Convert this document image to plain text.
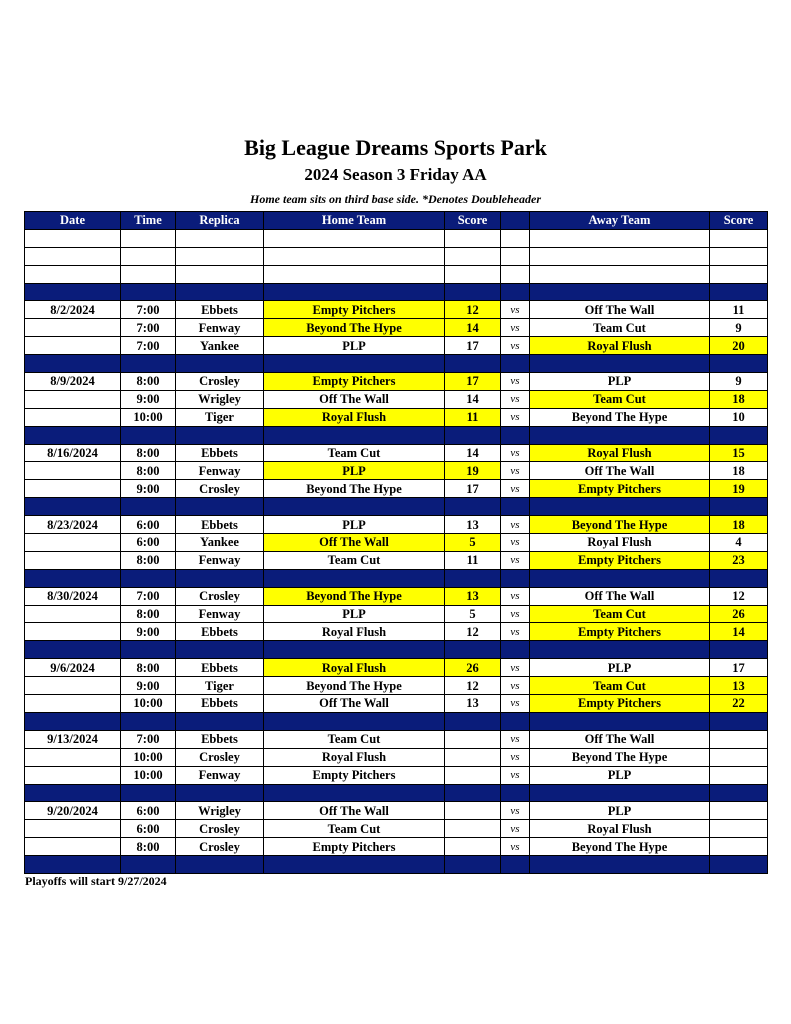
Big League Dreams Sports Park
2024 Season 3 Friday AA
Home team sits on third base side. *Denotes Doubleheader
Date	Time	Replica	Home Team	Score		Away Team	Score

8/2/2024	7:00	Ebbets	Empty Pitchers	12	vs	Off The Wall	11
	7:00	Fenway	Beyond The Hype	14	vs	Team Cut	9
	7:00	Yankee	PLP	17	vs	Royal Flush	20

8/9/2024	8:00	Crosley	Empty Pitchers	17	vs	PLP	9
	9:00	Wrigley	Off The Wall	14	vs	Team Cut	18
	10:00	Tiger	Royal Flush	11	vs	Beyond The Hype	10

8/16/2024	8:00	Ebbets	Team Cut	14	vs	Royal Flush	15
	8:00	Fenway	PLP	19	vs	Off The Wall	18
	9:00	Crosley	Beyond The Hype	17	vs	Empty Pitchers	19

8/23/2024	6:00	Ebbets	PLP	13	vs	Beyond The Hype	18
	6:00	Yankee	Off The Wall	5	vs	Royal Flush	4
	8:00	Fenway	Team Cut	11	vs	Empty Pitchers	23

8/30/2024	7:00	Crosley	Beyond The Hype	13	vs	Off The Wall	12
	8:00	Fenway	PLP	5	vs	Team Cut	26
	9:00	Ebbets	Royal Flush	12	vs	Empty Pitchers	14

9/6/2024	8:00	Ebbets	Royal Flush	26	vs	PLP	17
	9:00	Tiger	Beyond The Hype	12	vs	Team Cut	13
	10:00	Ebbets	Off The Wall	13	vs	Empty Pitchers	22

9/13/2024	7:00	Ebbets	Team Cut		vs	Off The Wall	
	10:00	Crosley	Royal Flush		vs	Beyond The Hype	
	10:00	Fenway	Empty Pitchers		vs	PLP	

9/20/2024	6:00	Wrigley	Off The Wall		vs	PLP	
	6:00	Crosley	Team Cut		vs	Royal Flush	
	8:00	Crosley	Empty Pitchers		vs	Beyond The Hype	

Playoffs will start 9/27/2024
